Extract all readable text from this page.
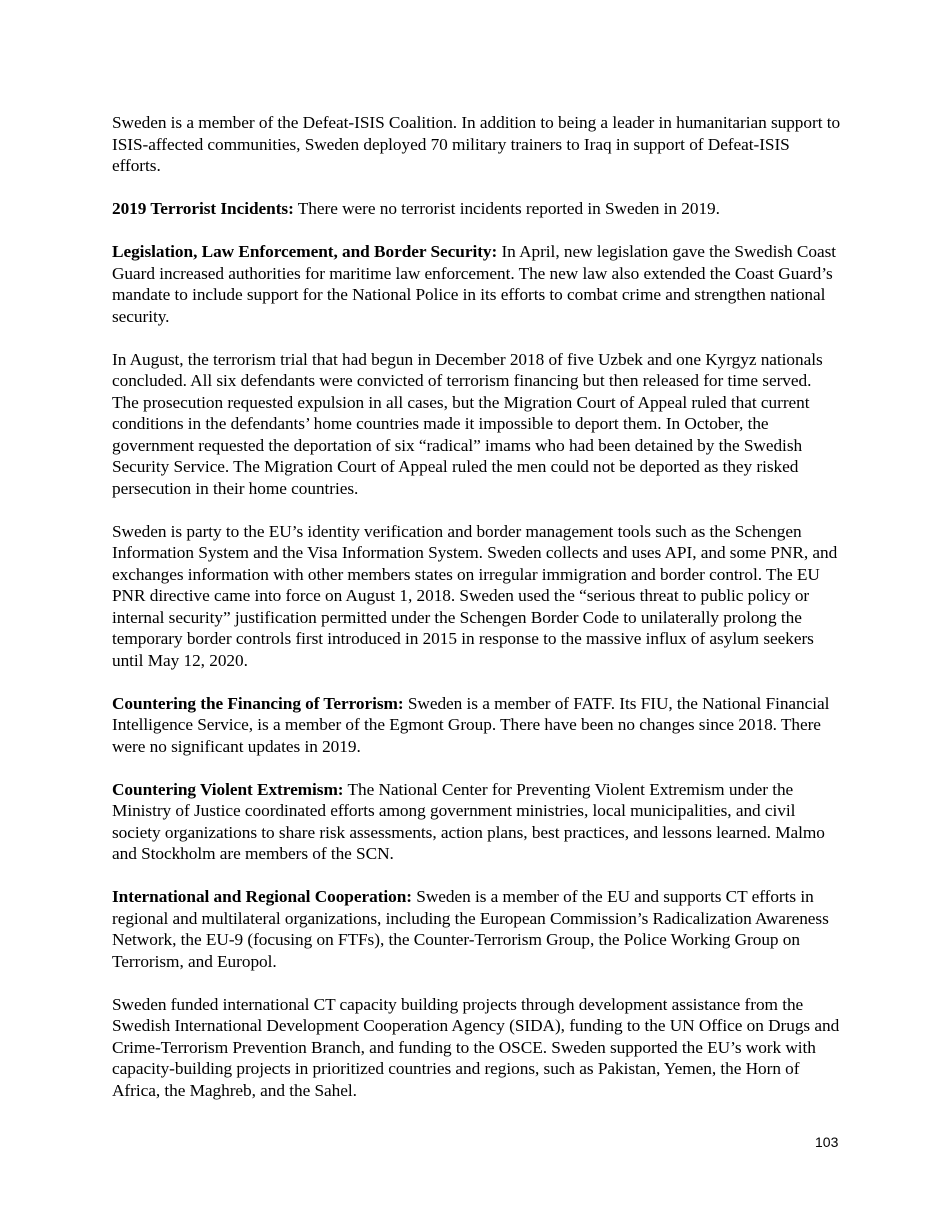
Sweden is a member of the Defeat-ISIS Coalition. In addition to being a leader in humanitarian support to ISIS-affected communities, Sweden deployed 70 military trainers to Iraq in support of Defeat-ISIS efforts.

2019 Terrorist Incidents: There were no terrorist incidents reported in Sweden in 2019.

Legislation, Law Enforcement, and Border Security: In April, new legislation gave the Swedish Coast Guard increased authorities for maritime law enforcement. The new law also extended the Coast Guard’s mandate to include support for the National Police in its efforts to combat crime and strengthen national security.

In August, the terrorism trial that had begun in December 2018 of five Uzbek and one Kyrgyz nationals concluded. All six defendants were convicted of terrorism financing but then released for time served. The prosecution requested expulsion in all cases, but the Migration Court of Appeal ruled that current conditions in the defendants’ home countries made it impossible to deport them. In October, the government requested the deportation of six “radical” imams who had been detained by the Swedish Security Service. The Migration Court of Appeal ruled the men could not be deported as they risked persecution in their home countries.

Sweden is party to the EU’s identity verification and border management tools such as the Schengen Information System and the Visa Information System. Sweden collects and uses API, and some PNR, and exchanges information with other members states on irregular immigration and border control. The EU PNR directive came into force on August 1, 2018. Sweden used the “serious threat to public policy or internal security” justification permitted under the Schengen Border Code to unilaterally prolong the temporary border controls first introduced in 2015 in response to the massive influx of asylum seekers until May 12, 2020.

Countering the Financing of Terrorism: Sweden is a member of FATF. Its FIU, the National Financial Intelligence Service, is a member of the Egmont Group. There have been no changes since 2018. There were no significant updates in 2019.

Countering Violent Extremism: The National Center for Preventing Violent Extremism under the Ministry of Justice coordinated efforts among government ministries, local municipalities, and civil society organizations to share risk assessments, action plans, best practices, and lessons learned. Malmo and Stockholm are members of the SCN.

International and Regional Cooperation: Sweden is a member of the EU and supports CT efforts in regional and multilateral organizations, including the European Commission’s Radicalization Awareness Network, the EU-9 (focusing on FTFs), the Counter-Terrorism Group, the Police Working Group on Terrorism, and Europol.

Sweden funded international CT capacity building projects through development assistance from the Swedish International Development Cooperation Agency (SIDA), funding to the UN Office on Drugs and Crime-Terrorism Prevention Branch, and funding to the OSCE. Sweden supported the EU’s work with capacity-building projects in prioritized countries and regions, such as Pakistan, Yemen, the Horn of Africa, the Maghreb, and the Sahel.

103
